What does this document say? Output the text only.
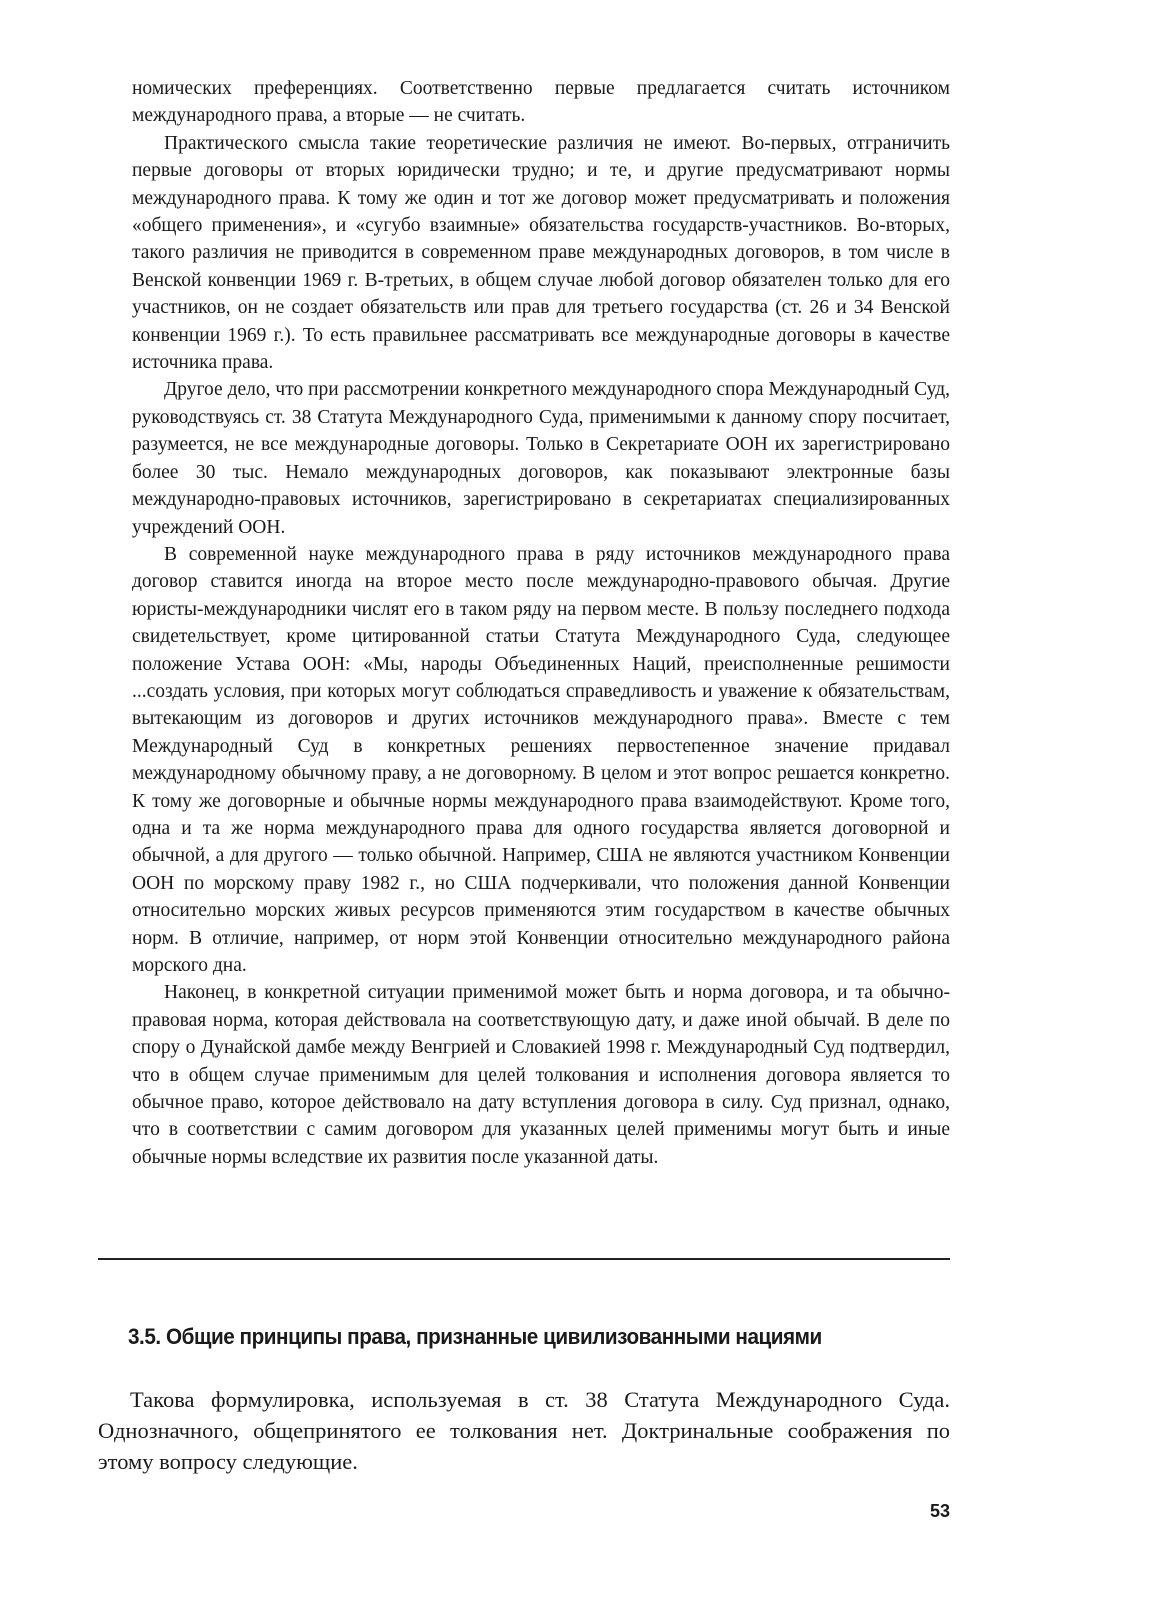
номических преференциях. Соответственно первые предлагается считать источником международного права, а вторые — не считать.

Практического смысла такие теоретические различия не имеют. Во-первых, отграничить первые договоры от вторых юридически трудно; и те, и другие предусматривают нормы международного права. К тому же один и тот же договор может предусматривать и положения «общего применения», и «сугубо взаимные» обязательства государств-участников. Во-вторых, такого различия не приводится в современном праве международных договоров, в том числе в Венской конвенции 1969 г. В-третьих, в общем случае любой договор обязателен только для его участников, он не создает обязательств или прав для третьего государства (ст. 26 и 34 Венской конвенции 1969 г.). То есть правильнее рассматривать все международные договоры в качестве источника права.

Другое дело, что при рассмотрении конкретного международного спора Международный Суд, руководствуясь ст. 38 Статута Международного Суда, применимыми к данному спору посчитает, разумеется, не все международные договоры. Только в Секретариате ООН их зарегистрировано более 30 тыс. Немало международных договоров, как показывают электронные базы международно-правовых источников, зарегистрировано в секретариатах специализированных учреждений ООН.

В современной науке международного права в ряду источников международного права договор ставится иногда на второе место после международно-правового обычая. Другие юристы-международники числят его в таком ряду на первом месте. В пользу последнего подхода свидетельствует, кроме цитированной статьи Статута Международного Суда, следующее положение Устава ООН: «Мы, народы Объединенных Наций, преисполненные решимости ...создать условия, при которых могут соблюдаться справедливость и уважение к обязательствам, вытекающим из договоров и других источников международного права». Вместе с тем Международный Суд в конкретных решениях первостепенное значение придавал международному обычному праву, а не договорному. В целом и этот вопрос решается конкретно. К тому же договорные и обычные нормы международного права взаимодействуют. Кроме того, одна и та же норма международного права для одного государства является договорной и обычной, а для другого — только обычной. Например, США не являются участником Конвенции ООН по морскому праву 1982 г., но США подчеркивали, что положения данной Конвенции относительно морских живых ресурсов применяются этим государством в качестве обычных норм. В отличие, например, от норм этой Конвенции относительно международного района морского дна.

Наконец, в конкретной ситуации применимой может быть и норма договора, и та обычно-правовая норма, которая действовала на соответствующую дату, и даже иной обычай. В деле по спору о Дунайской дамбе между Венгрией и Словакией 1998 г. Международный Суд подтвердил, что в общем случае применимым для целей толкования и исполнения договора является то обычное право, которое действовало на дату вступления договора в силу. Суд признал, однако, что в соответствии с самим договором для указанных целей применимы могут быть и иные обычные нормы вследствие их развития после указанной даты.

3.5. Общие принципы права, признанные цивилизованными нациями

Такова формулировка, используемая в ст. 38 Статута Международного Суда. Однозначного, общепринятого ее толкования нет. Доктринальные соображения по этому вопросу следующие.

53
